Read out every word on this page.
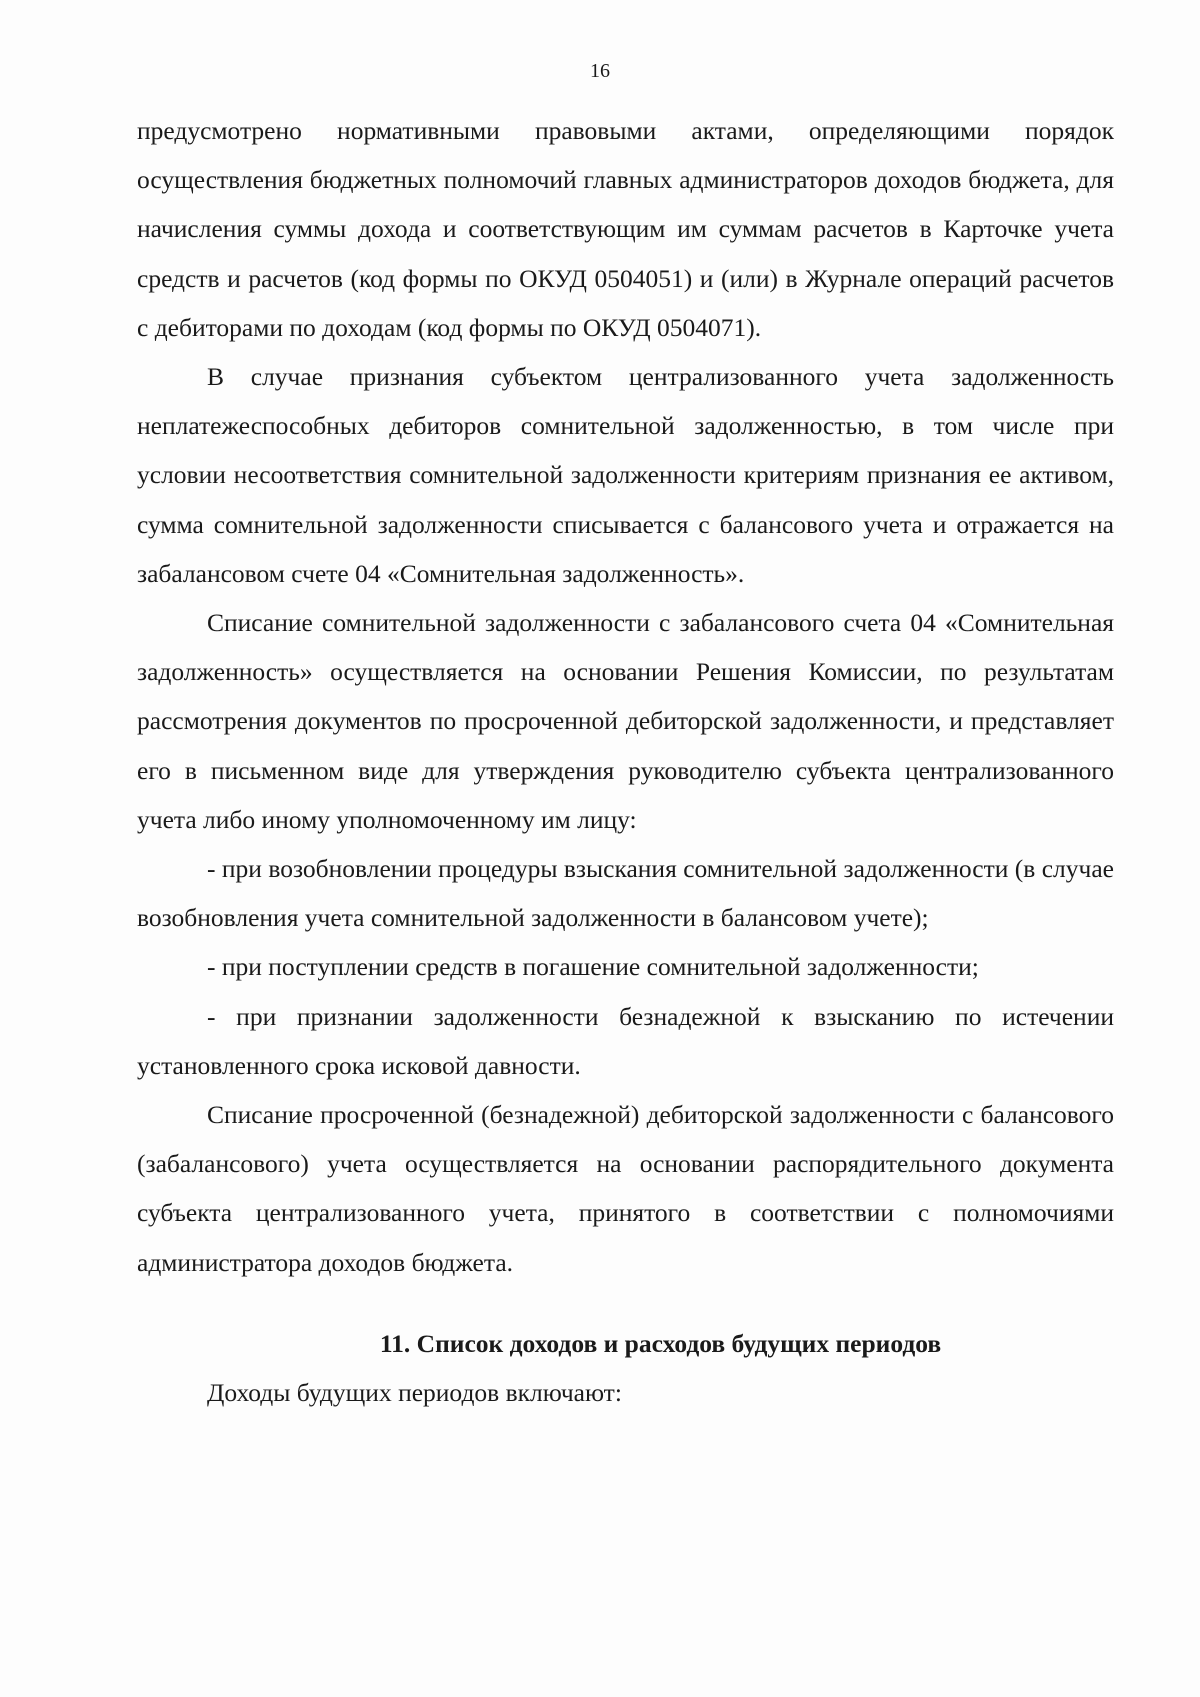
16

предусмотрено нормативными правовыми актами, определяющими порядок осуществления бюджетных полномочий главных администраторов доходов бюджета, для начисления суммы дохода и соответствующим им суммам расчетов в Карточке учета средств и расчетов (код формы по ОКУД 0504051) и (или) в Журнале операций расчетов с дебиторами по доходам (код формы по ОКУД 0504071).

В случае признания субъектом централизованного учета задолженность неплатежеспособных дебиторов сомнительной задолженностью, в том числе при условии несоответствия сомнительной задолженности критериям признания ее активом, сумма сомнительной задолженности списывается с балансового учета и отражается на забалансовом счете 04 «Сомнительная задолженность».

Списание сомнительной задолженности с забалансового счета 04 «Сомнительная задолженность» осуществляется на основании Решения Комиссии, по результатам рассмотрения документов по просроченной дебиторской задолженности, и представляет его в письменном виде для утверждения руководителю субъекта централизованного учета либо иному уполномоченному им лицу:

- при возобновлении процедуры взыскания сомнительной задолженности (в случае возобновления учета сомнительной задолженности в балансовом учете);

- при поступлении средств в погашение сомнительной задолженности;

- при признании задолженности безнадежной к взысканию по истечении установленного срока исковой давности.

Списание просроченной (безнадежной) дебиторской задолженности с балансового (забалансового) учета осуществляется на основании распорядительного документа субъекта централизованного учета, принятого в соответствии с полномочиями администратора доходов бюджета.

11. Список доходов и расходов будущих периодов

Доходы будущих периодов включают:
